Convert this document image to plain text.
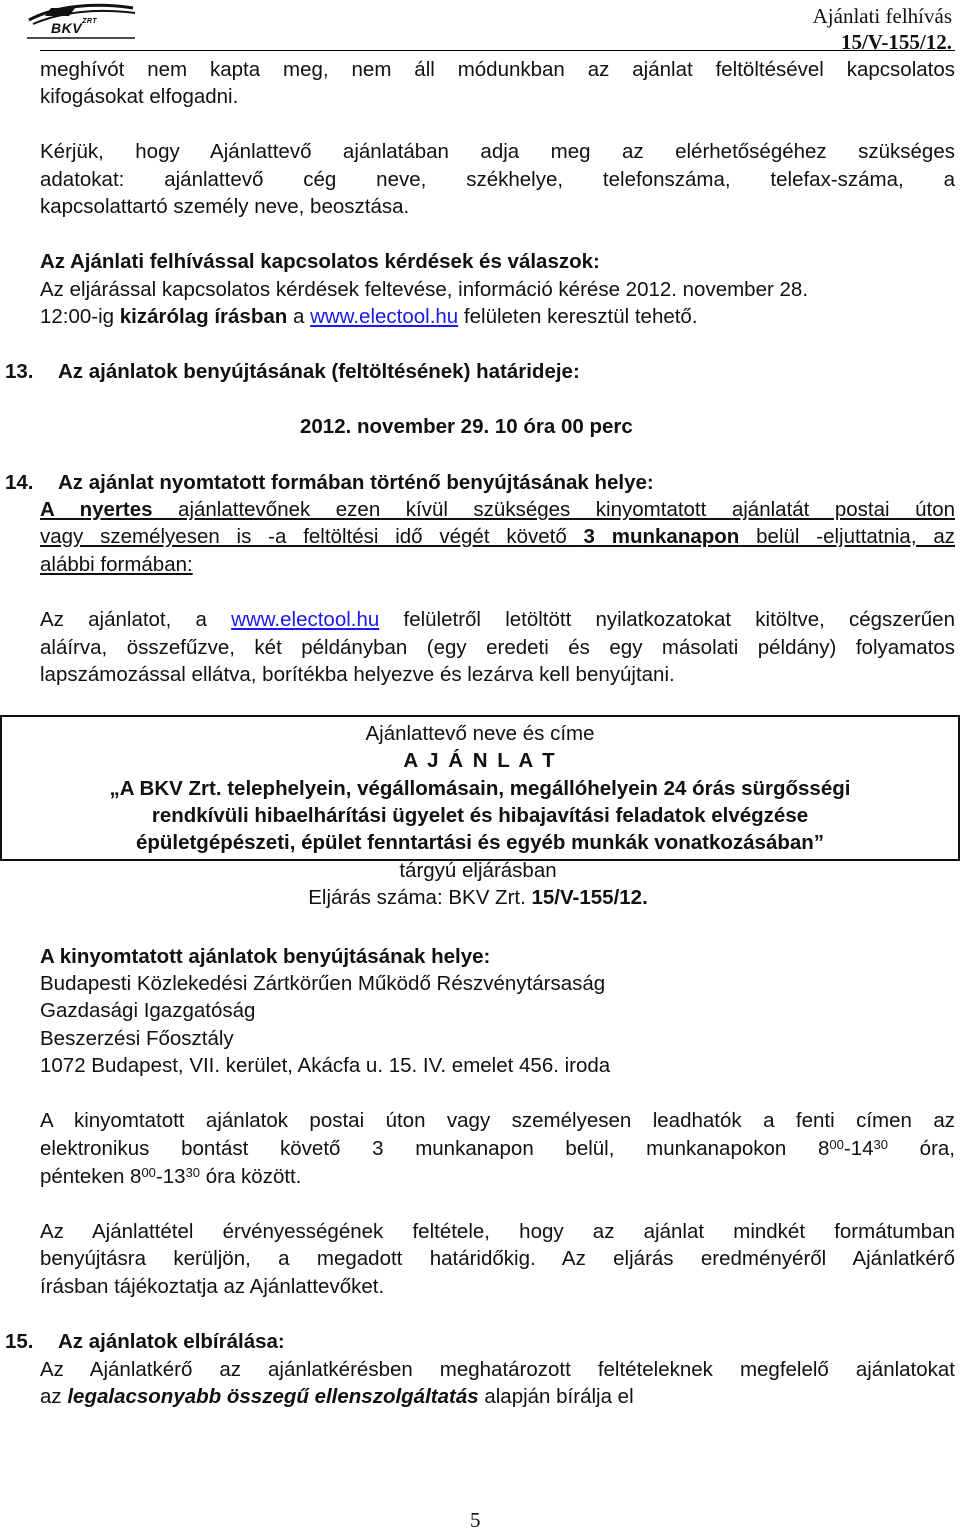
$BKV^{ZRT}$	Ajánlati felhívás
15/V-155/12.
meghívót nem kapta meg, nem áll módunkban az ajánlat feltöltésével kapcsolatos
kifogásokat elfogadni.
Kérjük, hogy Ajánlattevő ajánlatában adja meg az elérhetőségéhez szükséges
adatokat: ajánlattevő cég neve, székhelye, telefonszáma, telefax-száma, a
kapcsolattartó személy neve, beosztása.
Az Ajánlati felhívással kapcsolatos kérdések és válaszok:
Az eljárással kapcsolatos kérdések feltevése, információ kérése 2012. november 28.
12:00-ig kizárólag írásban a www.electool.hu felületen keresztül tehető.
13.	Az ajánlatok benyújtásának (feltöltésének) határideje:
2012. november 29. 10 óra 00 perc
14.	Az ajánlat nyomtatott formában történő benyújtásának helye:
A nyertes ajánlattevőnek ezen kívül szükséges kinyomtatott ajánlatát postai úton
vagy személyesen is -a feltöltési idő végét követő 3 munkanapon belül -eljuttatnia, az
alábbi formában:
Az ajánlatot, a www.electool.hu felületről letöltött nyilatkozatokat kitöltve, cégszerűen
aláírva, összefűzve, két példányban (egy eredeti és egy másolati példány) folyamatos
lapszámozással ellátva, borítékba helyezve és lezárva kell benyújtani.
Ajánlattevő neve és címe
A J Á N L A T
„A BKV Zrt. telephelyein, végállomásain, megállóhelyein 24 órás sürgősségi
rendkívüli hibaelhárítási ügyelet és hibajavítási feladatok elvégzése
épületgépészeti, épület fenntartási és egyéb munkák vonatkozásában”
tárgyú eljárásban
Eljárás száma: BKV Zrt. 15/V-155/12.
A kinyomtatott ajánlatok benyújtásának helye:
Budapesti Közlekedési Zártkörűen Működő Részvénytársaság
Gazdasági Igazgatóság
Beszerzési Főosztály
1072 Budapest, VII. kerület, Akácfa u. 15. IV. emelet 456. iroda
A kinyomtatott ajánlatok postai úton vagy személyesen leadhatók a fenti címen az
elektronikus bontást követő 3 munkanapon belül, munkanapokon $8^{00}-14^{30}$ óra,
pénteken $8^{00}-13^{30}$ óra között.
Az Ajánlattétel érvényességének feltétele, hogy az ajánlat mindkét formátumban
benyújtásra kerüljön, a megadott határidőkig. Az eljárás eredményéről Ajánlatkérő
írásban tájékoztatja az Ajánlattevőket.
15.	Az ajánlatok elbírálása:
Az Ajánlatkérő az ajánlatkérésben meghatározott feltételeknek megfelelő ajánlatokat
az legalacsonyabb összegű ellenszolgáltatás alapján bírálja el
5
